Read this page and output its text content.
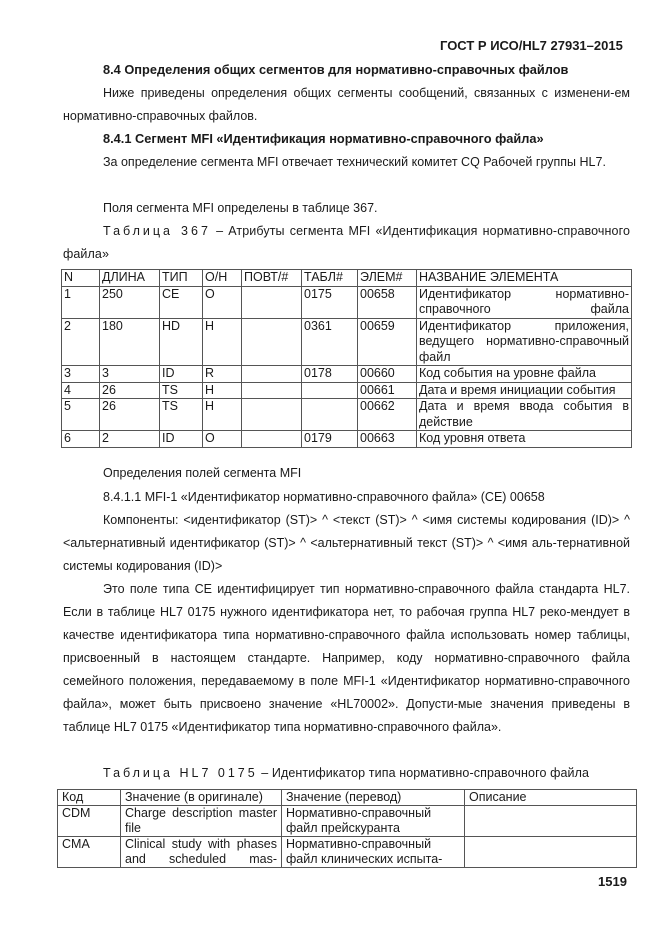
ГОСТ Р ИСО/HL7 27931–2015
8.4 Определения общих сегментов для нормативно-справочных файлов

Ниже приведены определения общих сегменты сообщений, связанных с изменени-ем нормативно-справочных файлов.

8.4.1 Сегмент MFI «Идентификация нормативно-справочного файла»

За определение сегмента MFI отвечает технический комитет CQ Рабочей группы HL7.

Поля сегмента MFI определены в таблице 367.

Таблица 367 – Атрибуты сегмента MFI «Идентификация нормативно-справочного файла»

N	ДЛИНА	ТИП	О/Н	ПОВТ/#	ТАБЛ#	ЭЛЕМ#	НАЗВАНИЕ ЭЛЕМЕНТА
1	250	CE	O		0175	00658	Идентификатор нормативно-справочного файла
2	180	HD	H		0361	00659	Идентификатор приложения, ведущего нормативно-справочный файл
3	3	ID	R		0178	00660	Код события на уровне файла
4	26	TS	H			00661	Дата и время инициации события
5	26	TS	H			00662	Дата и время ввода события в действие
6	2	ID	O		0179	00663	Код уровня ответа

Определения полей сегмента MFI

8.4.1.1 MFI-1 «Идентификатор нормативно-справочного файла» (CE) 00658

Компоненты: <идентификатор (ST)> ^ <текст (ST)> ^ <имя системы кодирования (ID)> ^ <альтернативный идентификатор (ST)> ^ <альтернативный текст (ST)> ^ <имя аль-тернативной системы кодирования (ID)>

Это поле типа CE идентифицирует тип нормативно-справочного файла стандарта HL7. Если в таблице HL7 0175 нужного идентификатора нет, то рабочая группа HL7 реко-мендует в качестве идентификатора типа нормативно-справочного файла использовать номер таблицы, присвоенный в настоящем стандарте. Например, коду нормативно-справочного файла семейного положения, передаваемому в поле MFI-1 «Идентификатор нормативно-справочного файла», может быть присвоено значение «HL70002». Допусти-мые значения приведены в таблице HL7 0175 «Идентификатор типа нормативно-справочного файла».

Таблица HL7 0175 – Идентификатор типа нормативно-справочного файла

Код	Значение (в оригинале)	Значение (перевод)	Описание
CDM	Charge description master file	Нормативно-справочный файл прейскуранта	
CMA	Clinical study with phases and scheduled mas-	Нормативно-справочный файл клинических испыта-	
1519
